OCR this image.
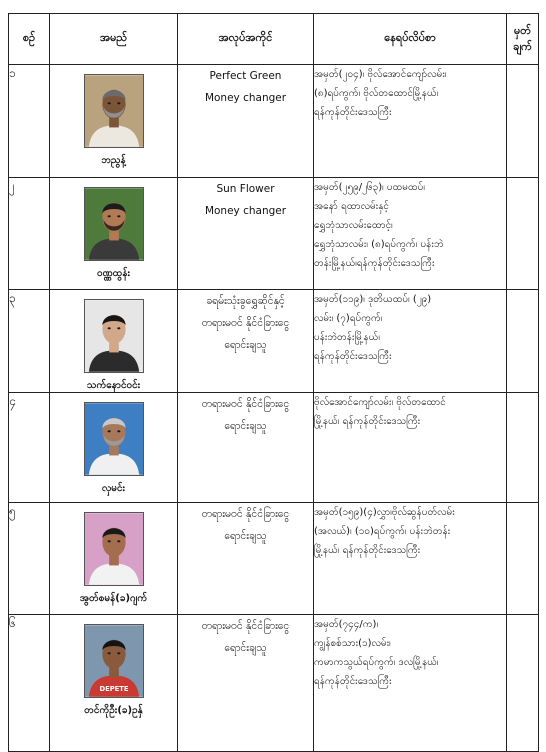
စဉ်	အမည်	အလုပ်အကိုင်	နေရပ်လိပ်စာ	မှတ်
ချက်

၁	ဘညွန့်	Perfect Green
Money changer	အမှတ်(၂၀၄)၊ ဗိုလ်အောင်ကျော်လမ်း၊
(၈)ရပ်ကွက်၊ ဗိုလ်တထောင်မြို့နယ်၊
ရန်ကုန်တိုင်းဒေသကြီး	

၂	ဝဏ္ဏထွန်း	Sun Flower
Money changer	အမှတ်(၂၅၉/၂၆၃)၊ ပထမထပ်၊
အနော် ရထာလမ်းနှင့်
ရွှေဘုံသာလမ်းထောင့်၊
ရွှေဘုံသာလမ်း၊ (၈)ရပ်ကွက်၊ ပန်းဘဲ
တန်းမြို့နယ်၊ရန်ကုန်တိုင်းဒေသကြီး	

၃	သက်နောင်ဝင်း	ခရမ်းသုံးခွရွှေဆိုင်နှင့်
တရားမဝင် နိုင်ငံခြားငွေ
ရောင်းချသူ	အမှတ်(၁၁၉)၊ ဒုတိယထပ်၊ (၂၉)
လမ်း၊ (၇)ရပ်ကွက်၊
ပန်းဘဲတန်းမြို့နယ်၊
ရန်ကုန်တိုင်းဒေသကြီး	

၄	လှမင်း	တရားမဝင် နိုင်ငံခြားငွေ
ရောင်းချသူ	ဗိုလ်အောင်ကျော်လမ်း၊ ဗိုလ်တထောင်
မြို့နယ်၊ ရန်ကုန်တိုင်းဒေသကြီး	

၅	အွတ်စမန်(ခ)ဂျက်	တရားမဝင် နိုင်ငံခြားငွေ
ရောင်းချသူ	အမှတ်(၁၅၉)(၄)လွှာ၊ဗိုလ်ဆွန်ပတ်လမ်း
(အလယ်)၊ (၁၀)ရပ်ကွက်၊ ပန်းဘဲတန်း
မြို့နယ်၊ ရန်ကုန်တိုင်းဒေသကြီး	

၆	DEPETE
တင်ကိုဦး(ခ)ဥနှ်	တရားမဝင် နိုင်ငံခြားငွေ
ရောင်းချသူ	အမှတ်(၇၄၄/က)၊
ကျွန်စစ်သား(၁)လမ်း၊
ကမာကသွယ်ရပ်ကွက်၊ ဒလမြို့နယ်၊
ရန်ကုန်တိုင်းဒေသကြီး	
